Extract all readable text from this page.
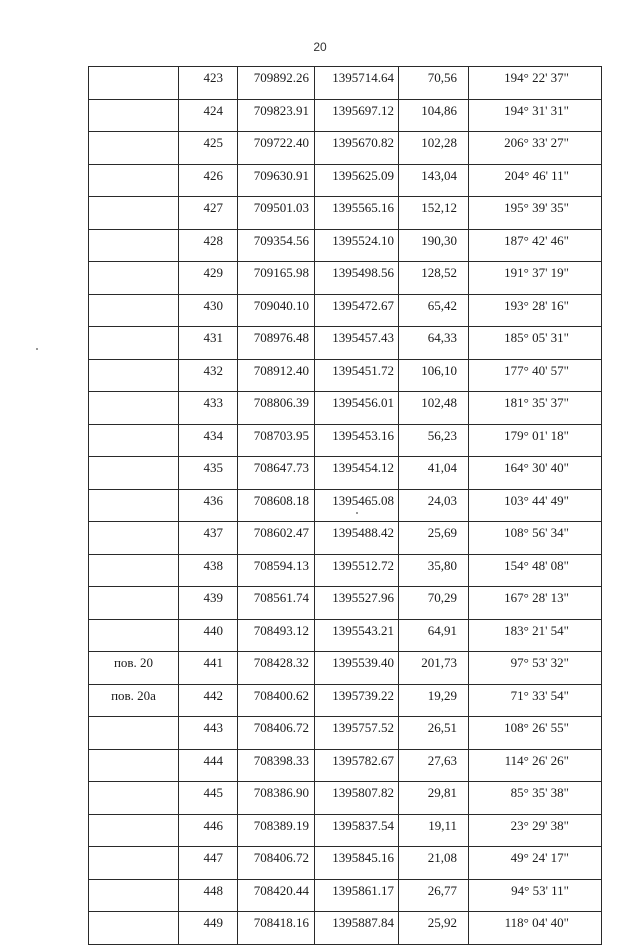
20
	423	709892.26	1395714.64	70,56	194° 22' 37"
	424	709823.91	1395697.12	104,86	194° 31' 31"
	425	709722.40	1395670.82	102,28	206° 33' 27"
	426	709630.91	1395625.09	143,04	204° 46' 11"
	427	709501.03	1395565.16	152,12	195° 39' 35"
	428	709354.56	1395524.10	190,30	187° 42' 46"
	429	709165.98	1395498.56	128,52	191° 37' 19"
	430	709040.10	1395472.67	65,42	193° 28' 16"
	431	708976.48	1395457.43	64,33	185° 05' 31"
	432	708912.40	1395451.72	106,10	177° 40' 57"
	433	708806.39	1395456.01	102,48	181° 35' 37"
	434	708703.95	1395453.16	56,23	179° 01' 18"
	435	708647.73	1395454.12	41,04	164° 30' 40"
	436	708608.18	1395465.08	24,03	103° 44' 49"
	437	708602.47	1395488.42	25,69	108° 56' 34"
	438	708594.13	1395512.72	35,80	154° 48' 08"
	439	708561.74	1395527.96	70,29	167° 28' 13"
	440	708493.12	1395543.21	64,91	183° 21' 54"
пов. 20	441	708428.32	1395539.40	201,73	97° 53' 32"
пов. 20а	442	708400.62	1395739.22	19,29	71° 33' 54"
	443	708406.72	1395757.52	26,51	108° 26' 55"
	444	708398.33	1395782.67	27,63	114° 26' 26"
	445	708386.90	1395807.82	29,81	85° 35' 38"
	446	708389.19	1395837.54	19,11	23° 29' 38"
	447	708406.72	1395845.16	21,08	49° 24' 17"
	448	708420.44	1395861.17	26,77	94° 53' 11"
	449	708418.16	1395887.84	25,92	118° 04' 40"
